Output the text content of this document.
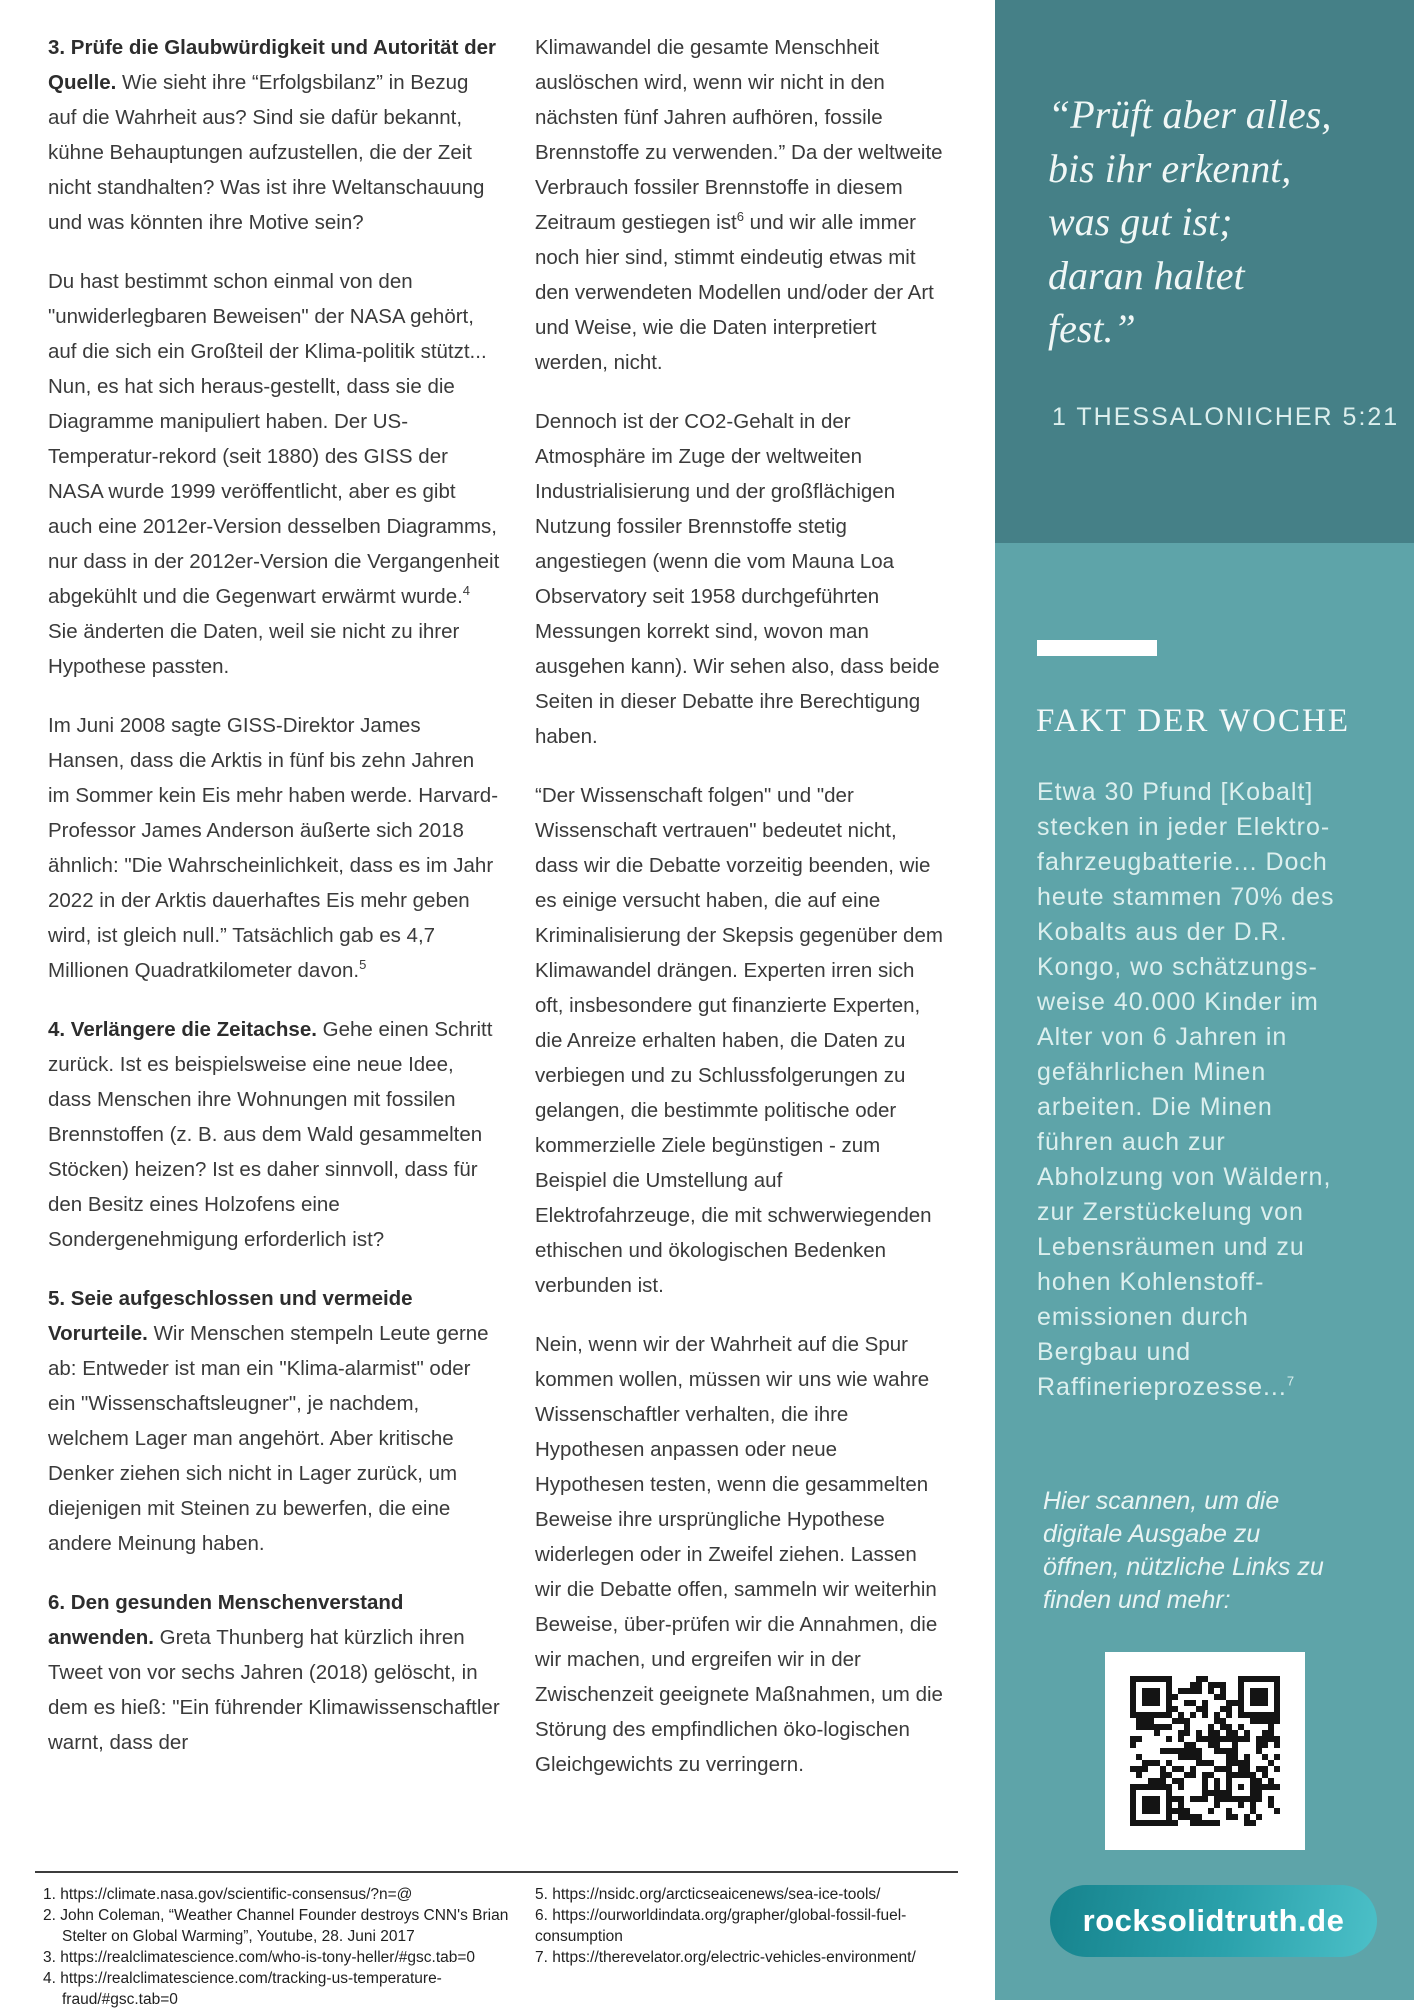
3. Prüfe die Glaubwürdigkeit und Autorität der Quelle. Wie sieht ihre “Erfolgsbilanz” in Bezug auf die Wahrheit aus? Sind sie dafür bekannt, kühne Behauptungen aufzustellen, die der Zeit nicht standhalten? Was ist ihre Weltanschauung und was könnten ihre Motive sein?

Du hast bestimmt schon einmal von den "unwiderlegbaren Beweisen" der NASA gehört, auf die sich ein Großteil der Klima-politik stützt... Nun, es hat sich heraus-gestellt, dass sie die Diagramme manipuliert haben. Der US-Temperatur-rekord (seit 1880) des GISS der NASA wurde 1999 veröffentlicht, aber es gibt auch eine 2012er-Version desselben Diagramms, nur dass in der 2012er-Version die Vergangenheit abgekühlt und die Gegenwart erwärmt wurde.$^4$ Sie änderten die Daten, weil sie nicht zu ihrer Hypothese passten.

Im Juni 2008 sagte GISS-Direktor James Hansen, dass die Arktis in fünf bis zehn Jahren im Sommer kein Eis mehr haben werde. Harvard-Professor James Anderson äußerte sich 2018 ähnlich: "Die Wahrscheinlichkeit, dass es im Jahr 2022 in der Arktis dauerhaftes Eis mehr geben wird, ist gleich null.” Tatsächlich gab es 4,7 Millionen Quadratkilometer davon.$^5$

4. Verlängere die Zeitachse. Gehe einen Schritt zurück. Ist es beispielsweise eine neue Idee, dass Menschen ihre Wohnungen mit fossilen Brennstoffen (z. B. aus dem Wald gesammelten Stöcken) heizen? Ist es daher sinnvoll, dass für den Besitz eines Holzofens eine Sondergenehmigung erforderlich ist?

5. Seie aufgeschlossen und vermeide Vorurteile. Wir Menschen stempeln Leute gerne ab: Entweder ist man ein "Klima-alarmist" oder ein "Wissenschaftsleugner", je nachdem, welchem Lager man angehört. Aber kritische Denker ziehen sich nicht in Lager zurück, um diejenigen mit Steinen zu bewerfen, die eine andere Meinung haben.

6. Den gesunden Menschenverstand anwenden. Greta Thunberg hat kürzlich ihren Tweet von vor sechs Jahren (2018) gelöscht, in dem es hieß: "Ein führender Klimawissenschaftler warnt, dass der

Klimawandel die gesamte Menschheit auslöschen wird, wenn wir nicht in den nächsten fünf Jahren aufhören, fossile Brennstoffe zu verwenden.” Da der weltweite Verbrauch fossiler Brennstoffe in diesem Zeitraum gestiegen ist$^6$ und wir alle immer noch hier sind, stimmt eindeutig etwas mit den verwendeten Modellen und/oder der Art und Weise, wie die Daten interpretiert werden, nicht.

Dennoch ist der CO2-Gehalt in der Atmosphäre im Zuge der weltweiten Industrialisierung und der großflächigen Nutzung fossiler Brennstoffe stetig angestiegen (wenn die vom Mauna Loa Observatory seit 1958 durchgeführten Messungen korrekt sind, wovon man ausgehen kann). Wir sehen also, dass beide Seiten in dieser Debatte ihre Berechtigung haben.

“Der Wissenschaft folgen" und "der Wissenschaft vertrauen" bedeutet nicht, dass wir die Debatte vorzeitig beenden, wie es einige versucht haben, die auf eine Kriminalisierung der Skepsis gegenüber dem Klimawandel drängen. Experten irren sich oft, insbesondere gut finanzierte Experten, die Anreize erhalten haben, die Daten zu verbiegen und zu Schlussfolgerungen zu gelangen, die bestimmte politische oder kommerzielle Ziele begünstigen - zum Beispiel die Umstellung auf Elektrofahrzeuge, die mit schwerwiegenden ethischen und ökologischen Bedenken verbunden ist.

Nein, wenn wir der Wahrheit auf die Spur kommen wollen, müssen wir uns wie wahre Wissenschaftler verhalten, die ihre Hypothesen anpassen oder neue Hypothesen testen, wenn die gesammelten Beweise ihre ursprüngliche Hypothese widerlegen oder in Zweifel ziehen. Lassen wir die Debatte offen, sammeln wir weiterhin Beweise, über-prüfen wir die Annahmen, die wir machen, und ergreifen wir in der Zwischenzeit geeignete Maßnahmen, um die Störung des empfindlichen öko-logischen Gleichgewichts zu verringern.

1. https://climate.nasa.gov/scientific-consensus/?n=@
2. John Coleman, “Weather Channel Founder destroys CNN's Brian Stelter on Global Warming”, Youtube, 28. Juni 2017
3. https://realclimatescience.com/who-is-tony-heller/#gsc.tab=0
4. https://realclimatescience.com/tracking-us-temperature-fraud/#gsc.tab=0
5. https://nsidc.org/arcticseaicenews/sea-ice-tools/
6. https://ourworldindata.org/grapher/global-fossil-fuel-consumption
7. https://therevelator.org/electric-vehicles-environment/
“Prüft aber alles,
bis ihr erkennt,
was gut ist;
daran haltet
fest.”
1 THESSALONICHER 5:21
FAKT DER WOCHE
Etwa 30 Pfund [Kobalt]
stecken in jeder Elektro-
fahrzeugbatterie... Doch
heute stammen 70% des
Kobalts aus der D.R.
Kongo, wo schätzungs-
weise 40.000 Kinder im
Alter von 6 Jahren in
gefährlichen Minen
arbeiten. Die Minen
führen auch zur
Abholzung von Wäldern,
zur Zerstückelung von
Lebensräumen und zu
hohen Kohlenstoff-
emissionen durch
Bergbau und
Raffinerieprozesse...$^7$
Hier scannen, um die
digitale Ausgabe zu
öffnen, nützliche Links zu
finden und mehr:
rocksolidtruth.de
